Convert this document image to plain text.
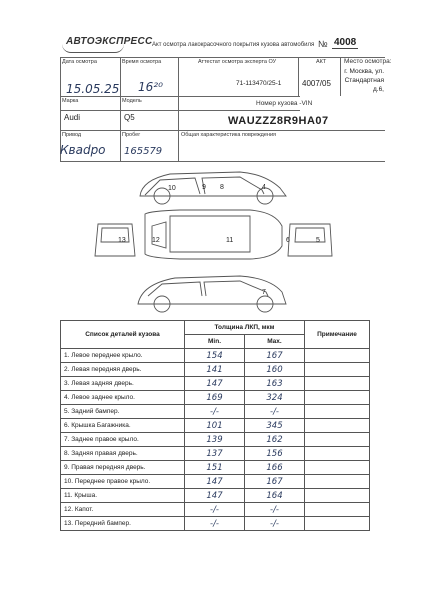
АВТОЭКСПРЕСС Акт осмотра лакокрасочного покрытия кузова автомобиля № 4008
Дата осмотра
15.05.25
Время осмотра
16²⁰
Аттестат осмотра эксперта ОУ
71-113470/25-1
АКТ
4007/05
Место осмотра:
г. Москва, ул. Стандартная д.6,
Марка
Audi
Модель
Q5
Номер кузова -VIN
WAUZZZ8R9HA07
Привод
Кваdро
Пробег
165579
Общая характеристика повреждения
10	9 8
12	11	5
4
7
6
13
Список деталей кузова	Толщина ЛКП, мкм		Примечание
	Min.	Max.	
1. Левое переднее крыло.	154	167	
2. Левая передняя дверь.	141	160	
3. Левая задняя дверь.	147	163	
4. Левое заднее крыло.	169	324	
5. Задний бампер.	-/-	-/-	
6. Крышка Багажника.	101	345	
7. Заднее правое крыло.	139	162	
8. Задняя правая дверь.	137	156	
9. Правая передняя дверь.	151	166	
10. Переднее правое крыло.	147	167	
11. Крыша.	147	164	
12. Капот.	-/-	-/-	
13. Передний бампер.	-/-	-/-	
